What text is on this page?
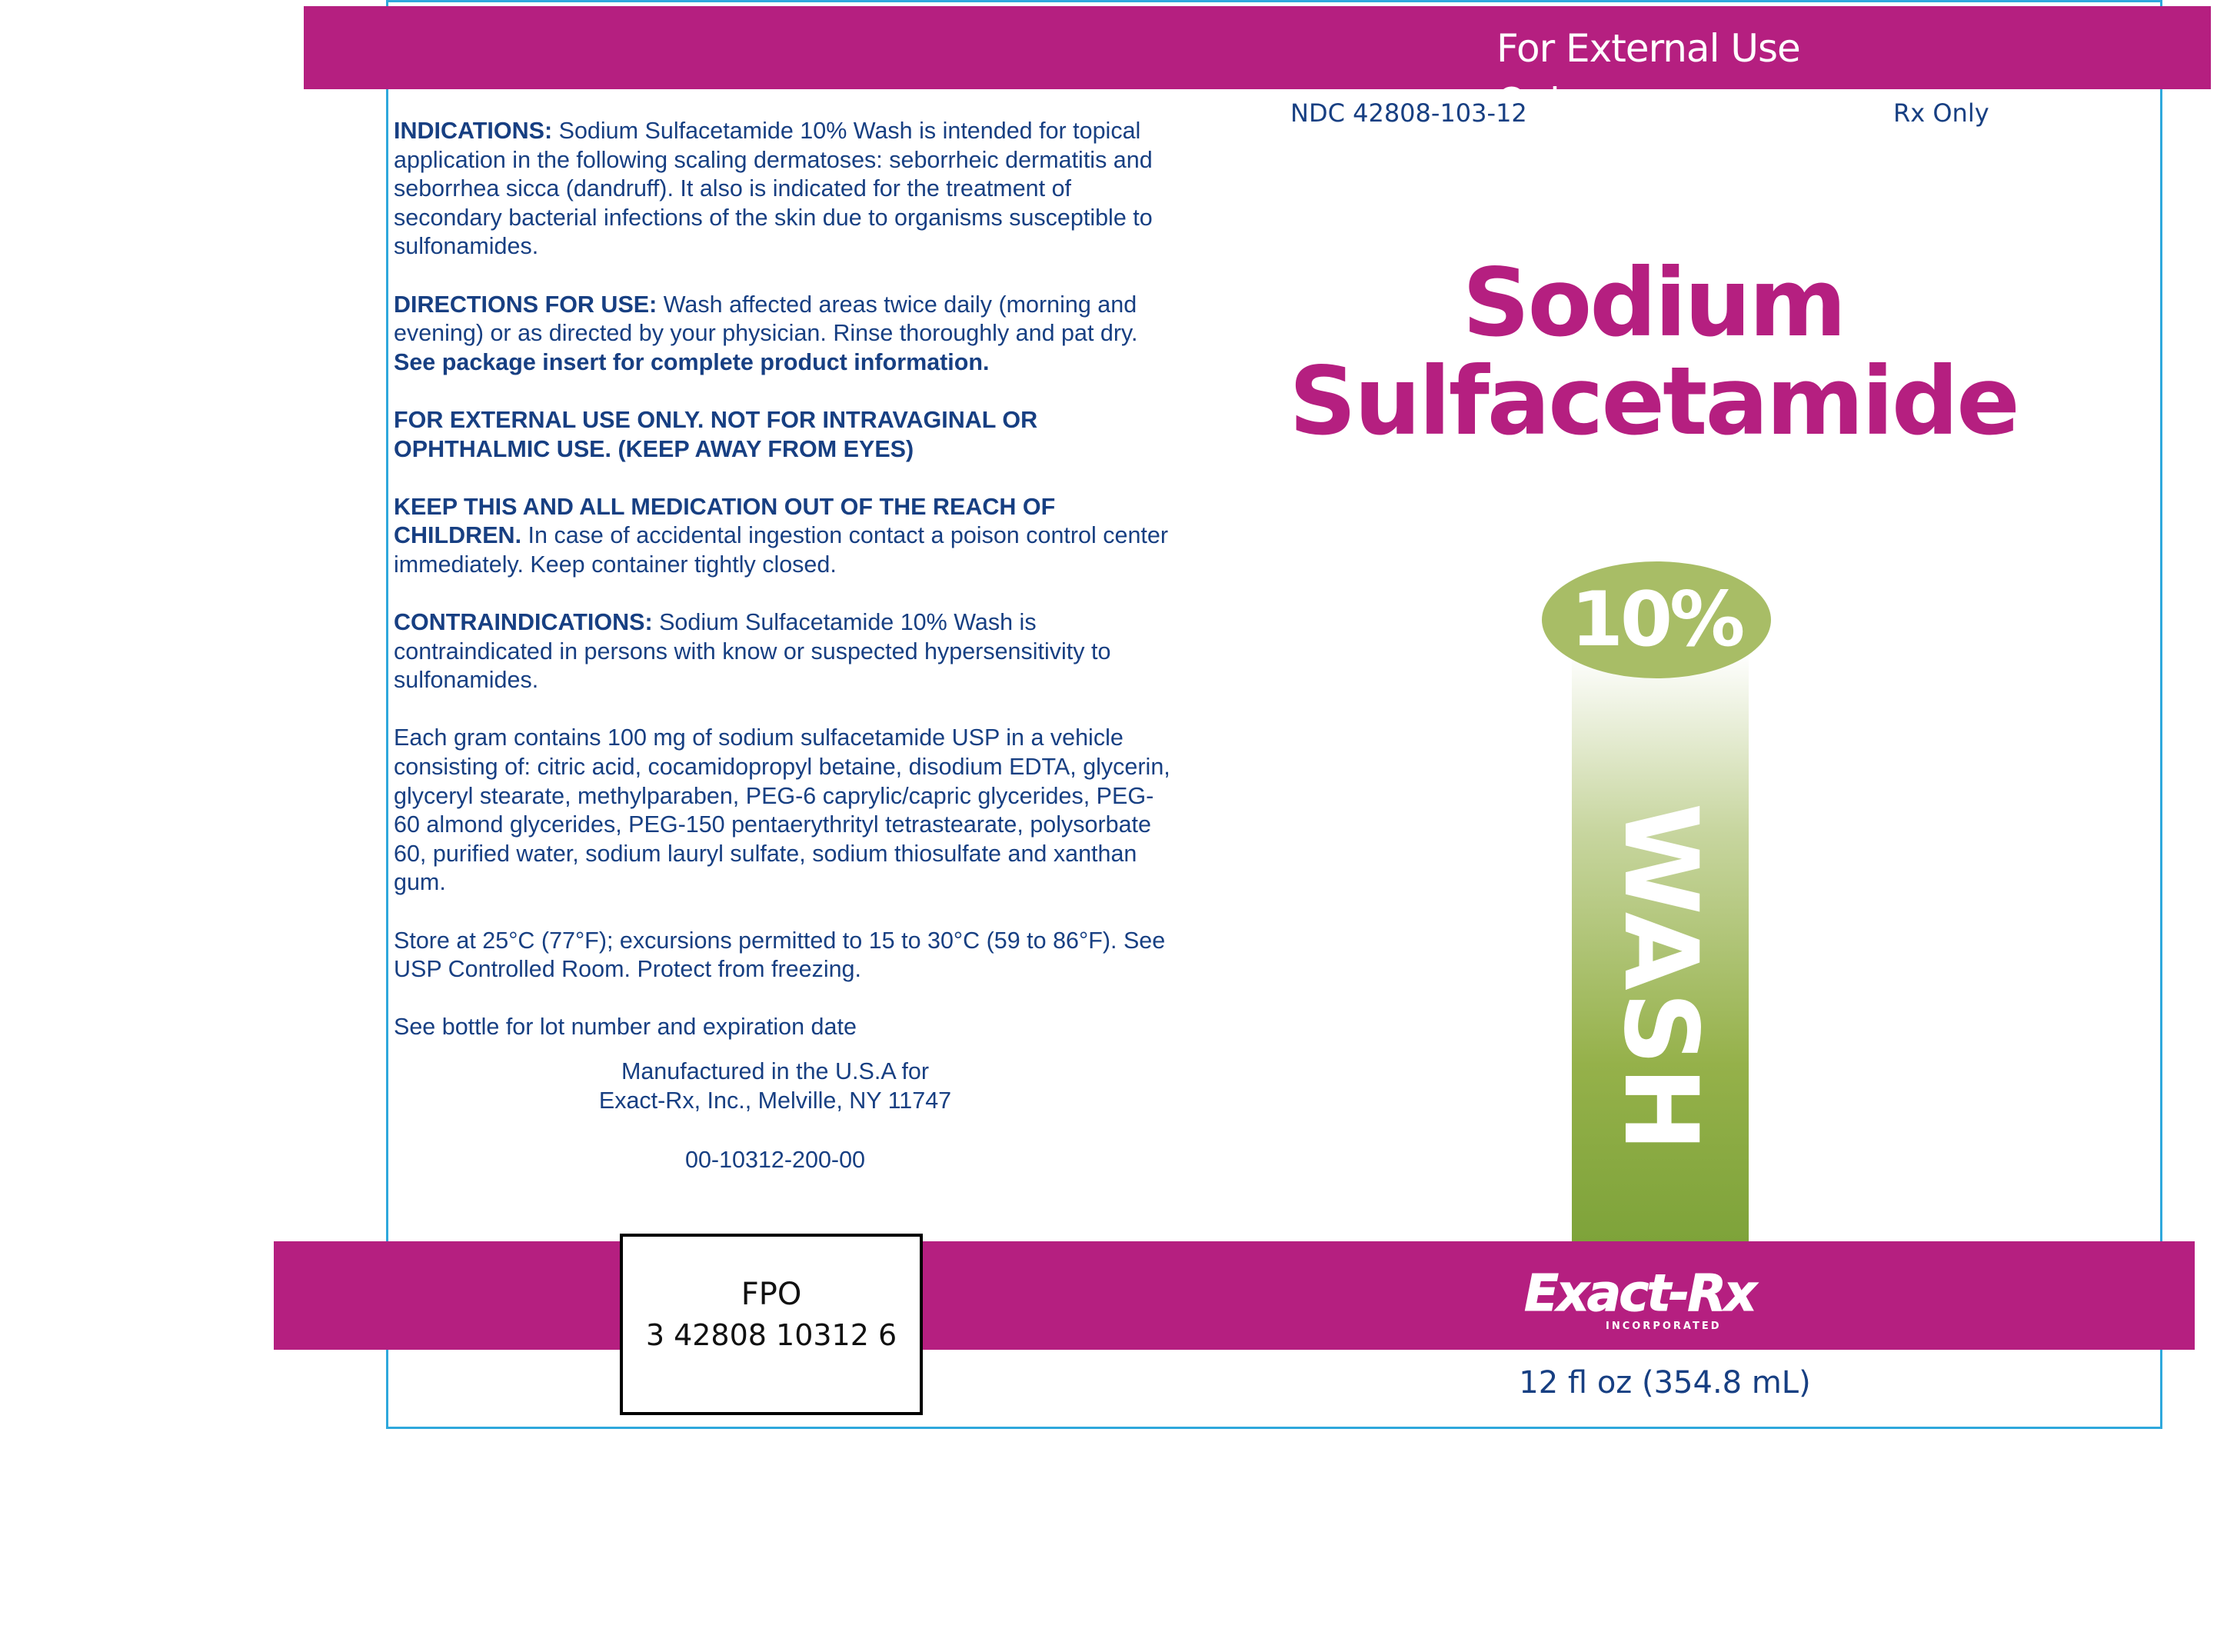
For External Use Only

INDICATIONS: Sodium Sulfacetamide 10% Wash is intended for topical application in the following scaling dermatoses: seborrheic dermatitis and seborrhea sicca (dandruff). It also is indicated for the treatment of secondary bacterial infections of the skin due to organisms susceptible to sulfonamides.

DIRECTIONS FOR USE: Wash affected areas twice daily (morning and evening) or as directed by your physician. Rinse thoroughly and pat dry. See package insert for complete product information.

FOR EXTERNAL USE ONLY. NOT FOR INTRAVAGINAL OR OPHTHALMIC USE. (KEEP AWAY FROM EYES)

KEEP THIS AND ALL MEDICATION OUT OF THE REACH OF CHILDREN. In case of accidental ingestion contact a poison control center immediately. Keep container tightly closed.

CONTRAINDICATIONS: Sodium Sulfacetamide 10% Wash is contraindicated in persons with know or suspected hypersensitivity to sulfonamides.

Each gram contains 100 mg of sodium sulfacetamide USP in a vehicle consisting of: citric acid, cocamidopropyl betaine, disodium EDTA, glycerin, glyceryl stearate, methylparaben, PEG-6 caprylic/capric glycerides, PEG-60 almond glycerides, PEG-150 pentaerythrityl tetrastearate, polysorbate 60, purified water, sodium lauryl sulfate, sodium thiosulfate and xanthan gum.

Store at 25°C (77°F); excursions permitted to 15 to 30°C (59 to 86°F). See USP Controlled Room. Protect from freezing.

See bottle for lot number and expiration date

Manufactured in the U.S.A for
Exact-Rx, Inc., Melville, NY 11747
00-10312-200-00
NDC 42808-103-12	Rx Only
Sodium
Sulfacetamide
10%
WASH
FPO
3 42808 10312 6
Exact-Rx
INCORPORATED
12 fl oz (354.8 mL)
